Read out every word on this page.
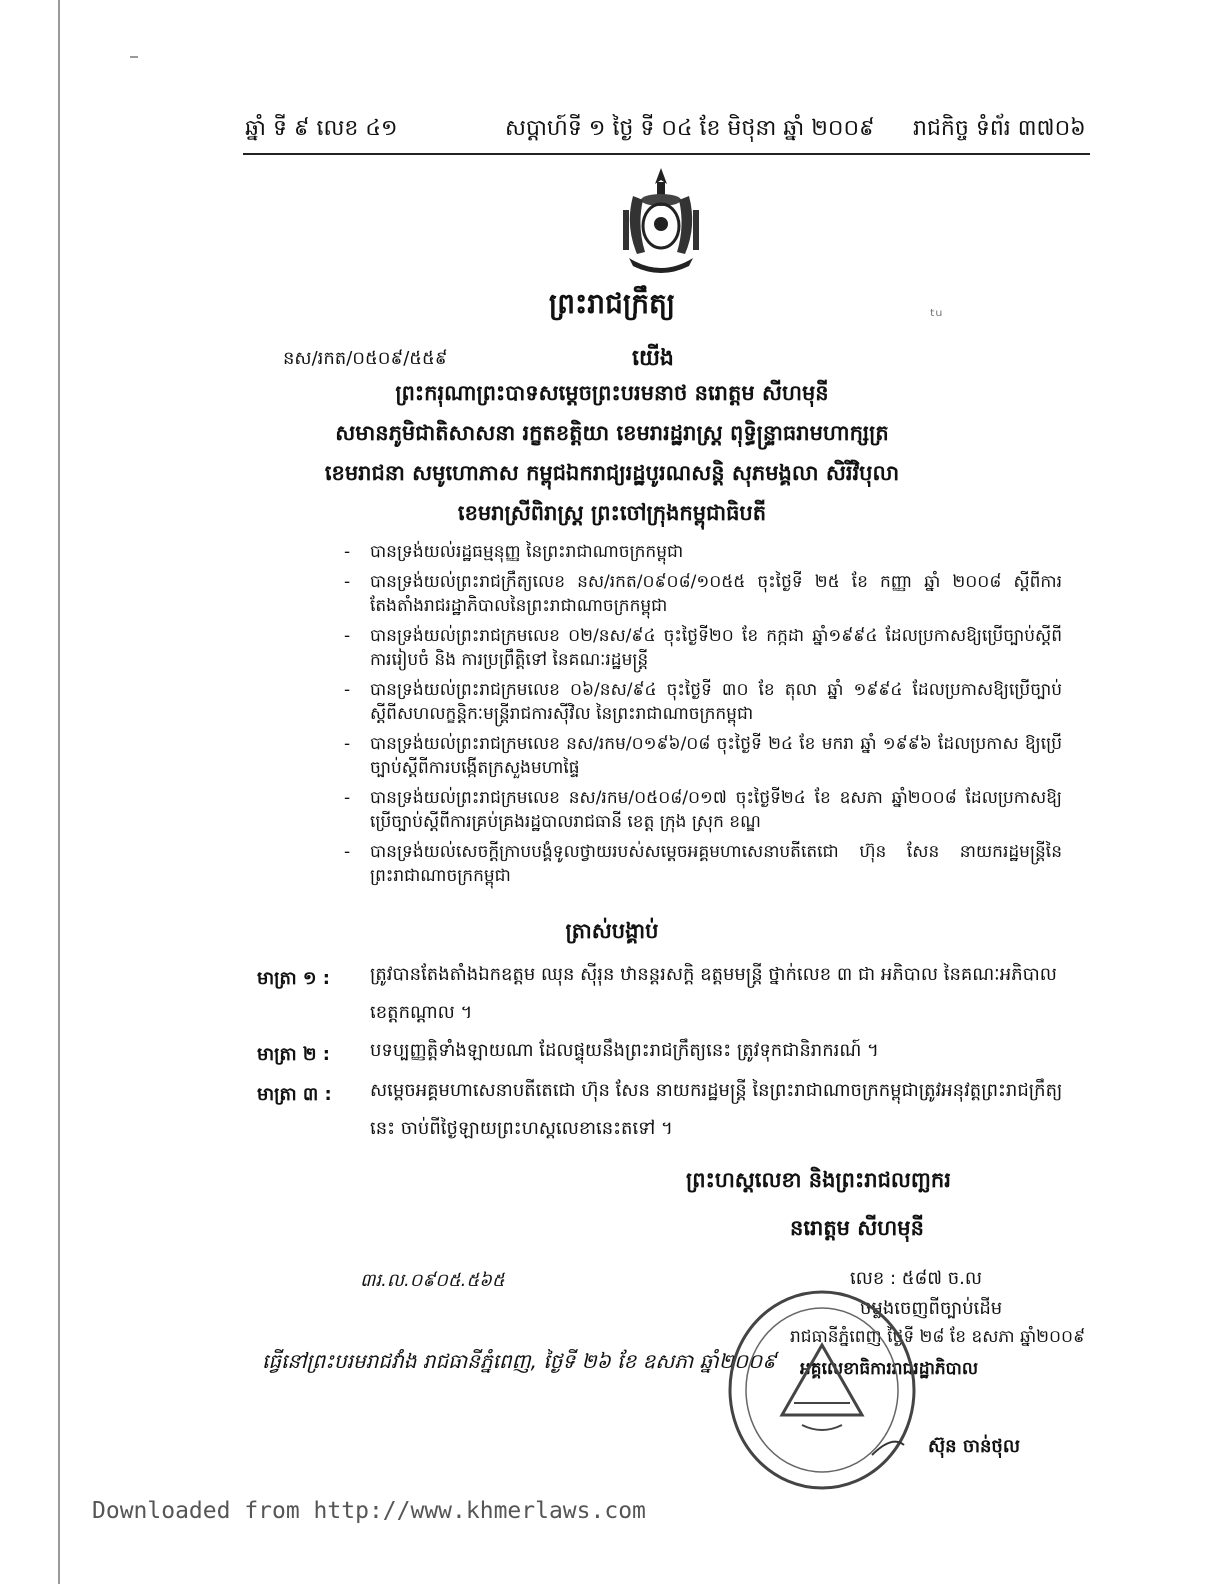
ឆ្នាំ ទី ៩ លេខ ៤១	សប្តាហ៍ទី ១ ថ្ងៃ ទី ០៤ ខែ មិថុនា ឆ្នាំ ២០០៩ រាជកិច្ច ទំព័រ ៣៧០៦
ព្រះរាជក្រឹត្យ	ᵗᵘ
នស/រកត/០៥០៩/៥៥៩	យើង
ព្រះករុណាព្រះបាទសម្តេចព្រះបរមនាថ នរោត្តម សីហមុនី
សមានភូមិជាតិសាសនា រក្ខតខត្តិយា ខេមរារដ្ឋរាស្ត្រ ពុទ្ធិន្ទ្រាធរាមហាក្សត្រ
ខេមរាជនា សមូហោភាស កម្ពុជឯករាជ្យរដ្ឋបូរណសន្តិ សុភមង្គលា សិរីវិបុលា
ខេមរាស្រីពិរាស្ត្រ ព្រះចៅក្រុងកម្ពុជាធិបតី
- បានទ្រង់យល់រដ្ឋធម្មនុញ្ញ នៃព្រះរាជាណាចក្រកម្ពុជា
- បានទ្រង់យល់ព្រះរាជក្រឹត្យលេខ នស/រកត/០៩០៨/១០៥៥ ចុះថ្ងៃទី ២៥ ខែ កញ្ញា ឆ្នាំ ២០០៨ ស្តីពីការតែងតាំងរាជរដ្ឋាភិបាលនៃព្រះរាជាណាចក្រកម្ពុជា
- បានទ្រង់យល់ព្រះរាជក្រមលេខ ០២/នស/៩៤ ចុះថ្ងៃទី២០ ខែ កក្កដា ឆ្នាំ១៩៩៤ ដែលប្រកាសឱ្យប្រើច្បាប់ស្តីពីការរៀបចំ និង ការប្រព្រឹត្តិទៅ នៃគណៈរដ្ឋមន្ត្រី
- បានទ្រង់យល់ព្រះរាជក្រមលេខ ០៦/នស/៩៤ ចុះថ្ងៃទី ៣០ ខែ តុលា ឆ្នាំ ១៩៩៤ ដែលប្រកាសឱ្យប្រើច្បាប់ស្តីពីសហលក្ខន្តិកៈមន្ត្រីរាជការស៊ីវិល នៃព្រះរាជាណាចក្រកម្ពុជា
- បានទ្រង់យល់ព្រះរាជក្រមលេខ នស/រកម/០១៩៦/០៨ ចុះថ្ងៃទី ២៤ ខែ មករា ឆ្នាំ ១៩៩៦ ដែលប្រកាស ឱ្យប្រើច្បាប់ស្តីពីការបង្កើតក្រសួងមហាផ្ទៃ
- បានទ្រង់យល់ព្រះរាជក្រមលេខ នស/រកម/០៥០៨/០១៧ ចុះថ្ងៃទី២៤ ខែ ឧសភា ឆ្នាំ២០០៨ ដែលប្រកាសឱ្យប្រើច្បាប់ស្តីពីការគ្រប់គ្រងរដ្ឋបាលរាជធានី ខេត្ត ក្រុង ស្រុក ខណ្ឌ
- បានទ្រង់យល់សេចក្តីក្រាបបង្គំទូលថ្វាយរបស់សម្តេចអគ្គមហាសេនាបតីតេជោ ហ៊ុន សែន នាយករដ្ឋមន្ត្រីនៃព្រះរាជាណាចក្រកម្ពុជា
ត្រាស់បង្គាប់
មាត្រា ១ : ត្រូវបានតែងតាំងឯកឧត្តម ឈុន ស៊ីរុន ឋានន្តរសក្តិ ឧត្តមមន្ត្រី ថ្នាក់លេខ ៣ ជា អភិបាល នៃគណៈអភិបាល ខេត្តកណ្តាល ។
មាត្រា ២ : បទប្បញ្ញត្តិទាំងឡាយណា ដែលផ្ទុយនឹងព្រះរាជក្រឹត្យនេះ ត្រូវទុកជានិរាករណ៍ ។
មាត្រា ៣ : សម្តេចអគ្គមហាសេនាបតីតេជោ ហ៊ុន សែន នាយករដ្ឋមន្ត្រី នៃព្រះរាជាណាចក្រកម្ពុជាត្រូវអនុវត្តព្រះរាជក្រឹត្យនេះ ចាប់ពីថ្ងៃឡាយព្រះហស្តលេខានេះតទៅ ។
ព្រះហស្តលេខា និងព្រះរាជលញ្ឆករ
នរោត្តម សីហមុនី
៣រ.ល.០៩០៥.៥៦៥	លេខ : ៥៨៧ ច.ល
ចម្លងចេញពីច្បាប់ដើម
រាជធានីភ្នំពេញ ថ្ងៃទី ២៨ ខែ ឧសភា ឆ្នាំ២០០៩
អគ្គលេខាធិការរាជរដ្ឋាភិបាល
ធ្វើនៅព្រះបរមរាជវាំង រាជធានីភ្នំពេញ, ថ្ងៃទី ២៦ ខែ ឧសភា ឆ្នាំ២០០៩
ស៊ុន ចាន់ថុល
Downloaded from http://www.khmerlaws.com
